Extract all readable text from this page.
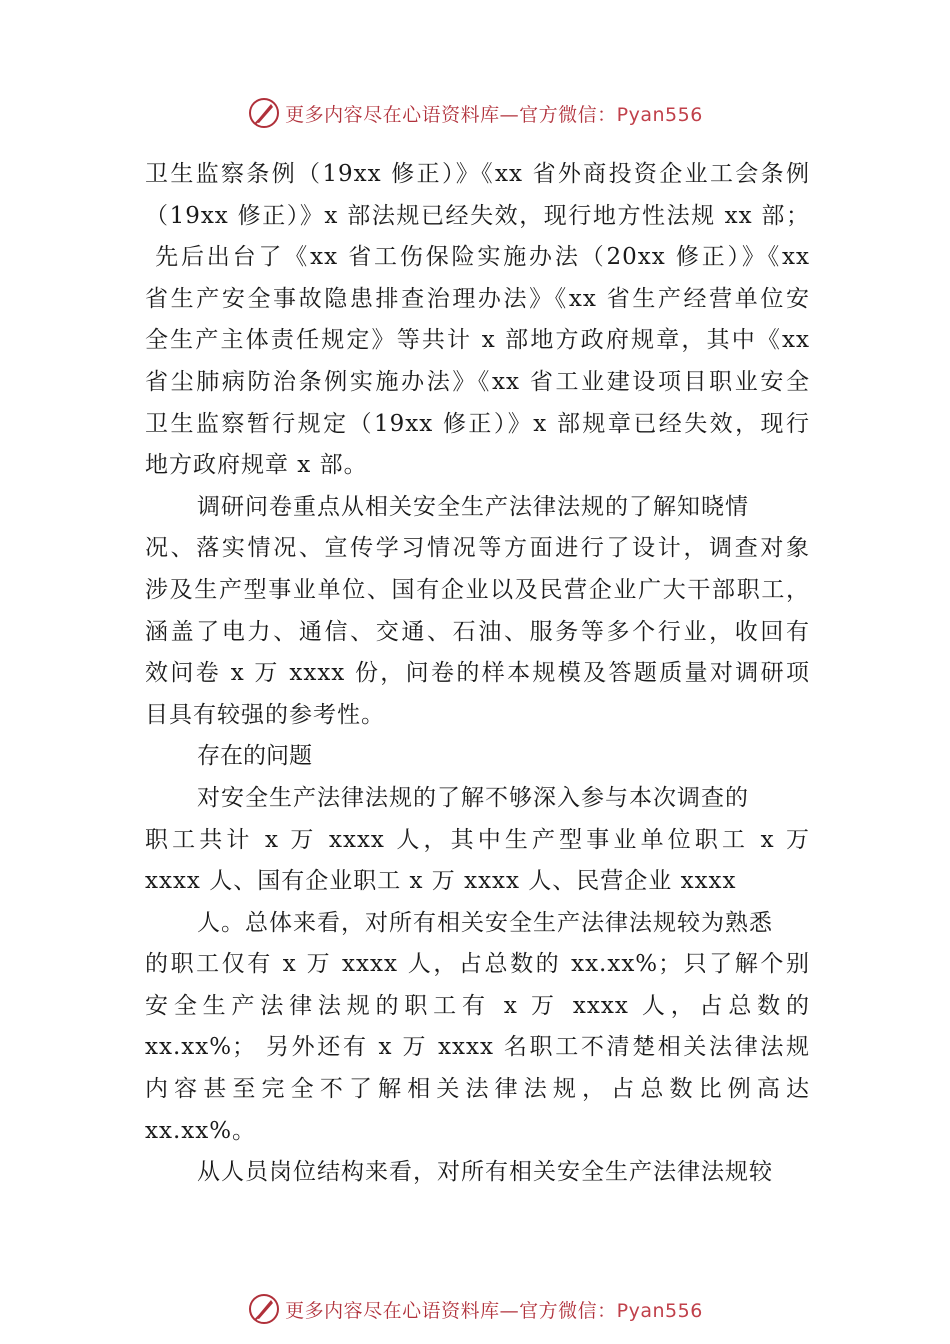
更多内容尽在心语资料库—官方微信：Pyan556
卫生监察条例（19xx 修正）》《xx 省外商投资企业工会条例
（19xx 修正）》x 部法规已经失效，现行地方性法规 xx 部；
先后出台了《xx 省工伤保险实施办法（20xx 修正）》《xx
省生产安全事故隐患排查治理办法》《xx 省生产经营单位安
全生产主体责任规定》等共计 x 部地方政府规章，其中《xx
省尘肺病防治条例实施办法》《xx 省工业建设项目职业安全
卫生监察暂行规定（19xx 修正）》x 部规章已经失效，现行
地方政府规章 x 部。
调研问卷重点从相关安全生产法律法规的了解知晓情
况、落实情况、宣传学习情况等方面进行了设计，调查对象
涉及生产型事业单位、国有企业以及民营企业广大干部职工，
涵盖了电力、通信、交通、石油、服务等多个行业，收回有
效问卷 x 万 xxxx 份，问卷的样本规模及答题质量对调研项
目具有较强的参考性。
存在的问题
对安全生产法律法规的了解不够深入参与本次调查的
职工共计 x 万 xxxx 人，其中生产型事业单位职工 x 万
xxxx 人、国有企业职工 x 万 xxxx 人、民营企业 xxxx
人。总体来看，对所有相关安全生产法律法规较为熟悉
的职工仅有 x 万 xxxx 人，占总数的 xx.xx%；只了解个别
安全生产法律法规的职工有 x 万 xxxx 人，占总数的
xx.xx%； 另外还有 x 万 xxxx 名职工不清楚相关法律法规
内容甚至完全不了解相关法律法规，占总数比例高达
xx.xx%。
从人员岗位结构来看，对所有相关安全生产法律法规较
更多内容尽在心语资料库—官方微信：Pyan556
